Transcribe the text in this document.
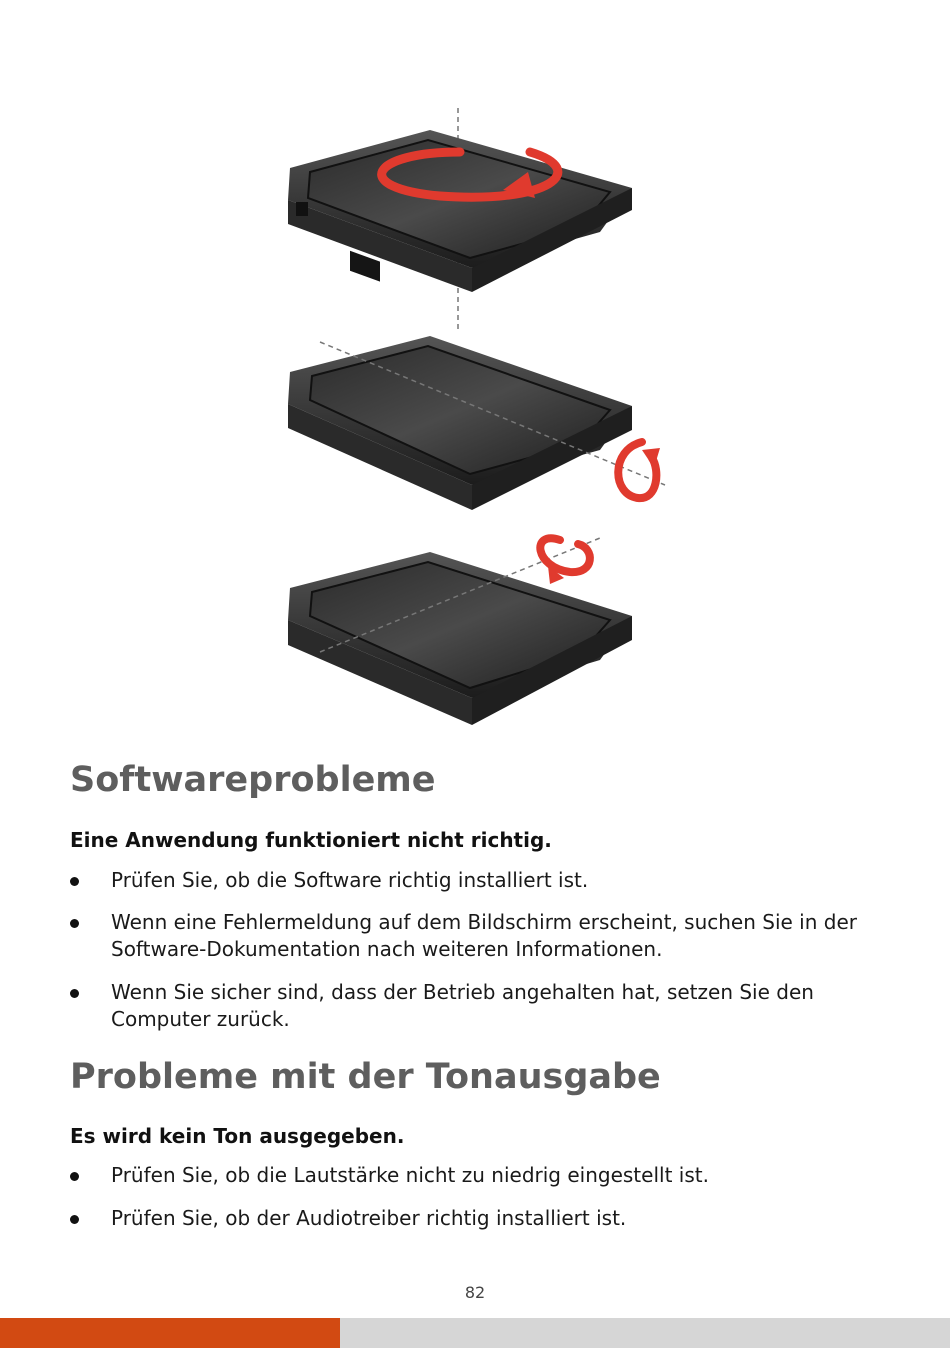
Softwareprobleme
Eine Anwendung funktioniert nicht richtig.
Prüfen Sie, ob die Software richtig installiert ist.
Wenn eine Fehlermeldung auf dem Bildschirm erscheint, suchen Sie in der Software-Dokumentation nach weiteren Informationen.
Wenn Sie sicher sind, dass der Betrieb angehalten hat, setzen Sie den Computer zurück.
Probleme mit der Tonausgabe
Es wird kein Ton ausgegeben.
Prüfen Sie, ob die Lautstärke nicht zu niedrig eingestellt ist.
Prüfen Sie, ob der Audiotreiber richtig installiert ist.
82
